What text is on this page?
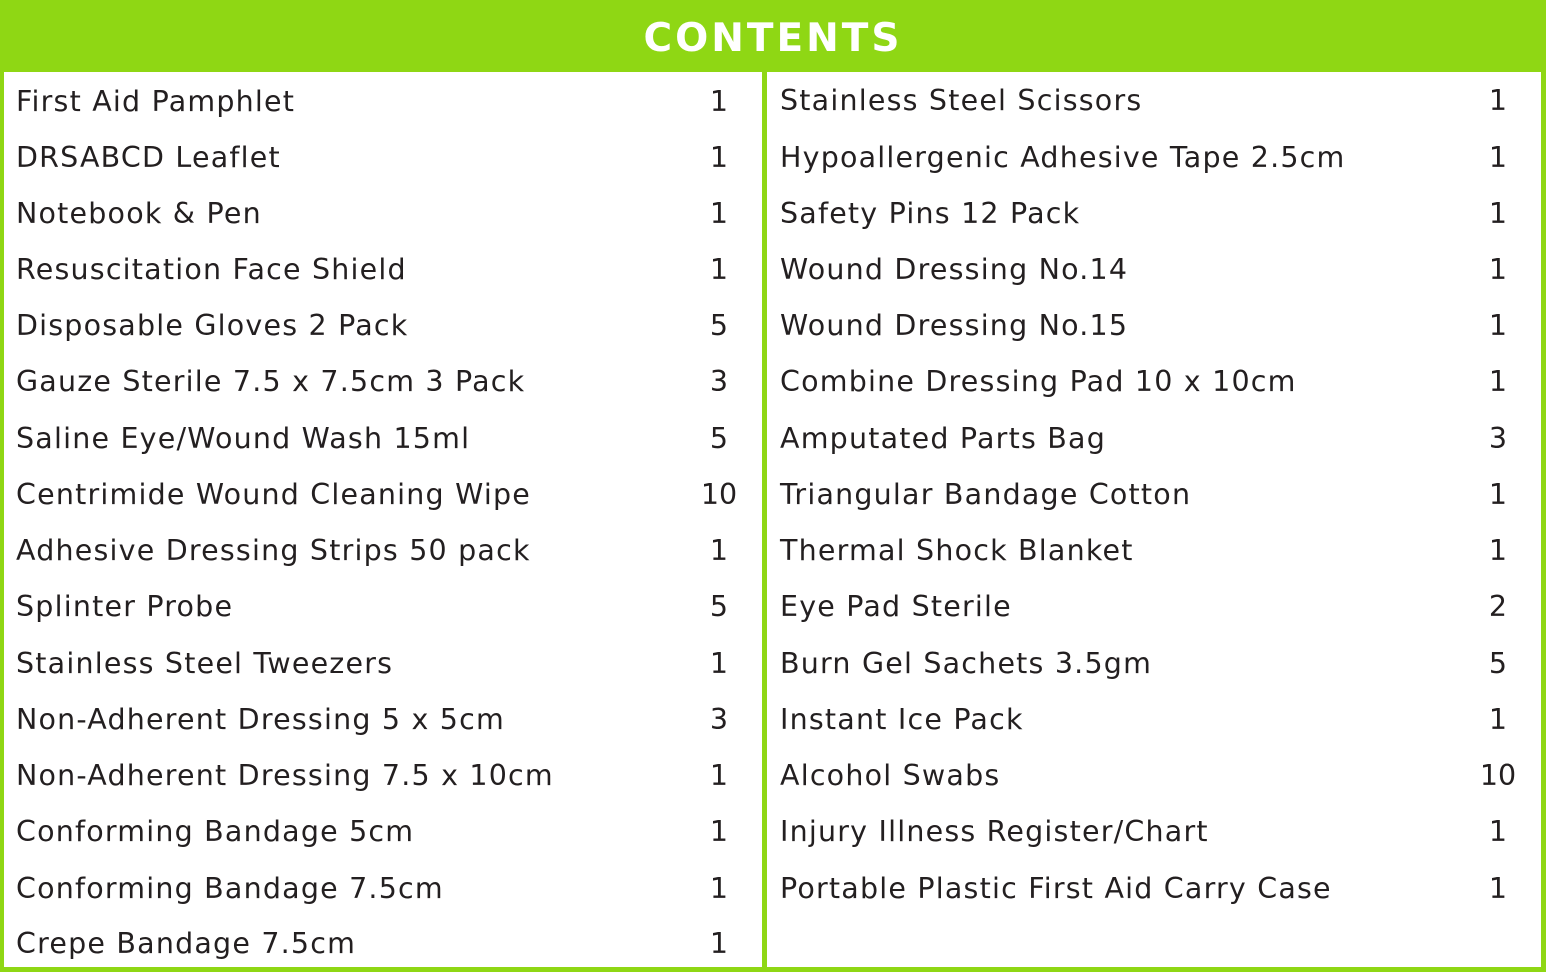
CONTENTS
First Aid Pamphlet	1
DRSABCD Leaflet	1
Notebook & Pen	1
Resuscitation Face Shield	1
Disposable Gloves 2 Pack	5
Gauze Sterile 7.5 x 7.5cm 3 Pack	3
Saline Eye/Wound Wash 15ml	5
Centrimide Wound Cleaning Wipe	10
Adhesive Dressing Strips 50 pack	1
Splinter Probe	5
Stainless Steel Tweezers	1
Non-Adherent Dressing 5 x 5cm	3
Non-Adherent Dressing 7.5 x 10cm	1
Conforming Bandage 5cm	1
Conforming Bandage 7.5cm	1
Crepe Bandage 7.5cm	1
Stainless Steel Scissors	1
Hypoallergenic Adhesive Tape 2.5cm	1
Safety Pins 12 Pack	1
Wound Dressing No.14	1
Wound Dressing No.15	1
Combine Dressing Pad 10 x 10cm	1
Amputated Parts Bag	3
Triangular Bandage Cotton	1
Thermal Shock Blanket	1
Eye Pad Sterile	2
Burn Gel Sachets 3.5gm	5
Instant Ice Pack	1
Alcohol Swabs	10
Injury Illness Register/Chart	1
Portable Plastic First Aid Carry Case	1
